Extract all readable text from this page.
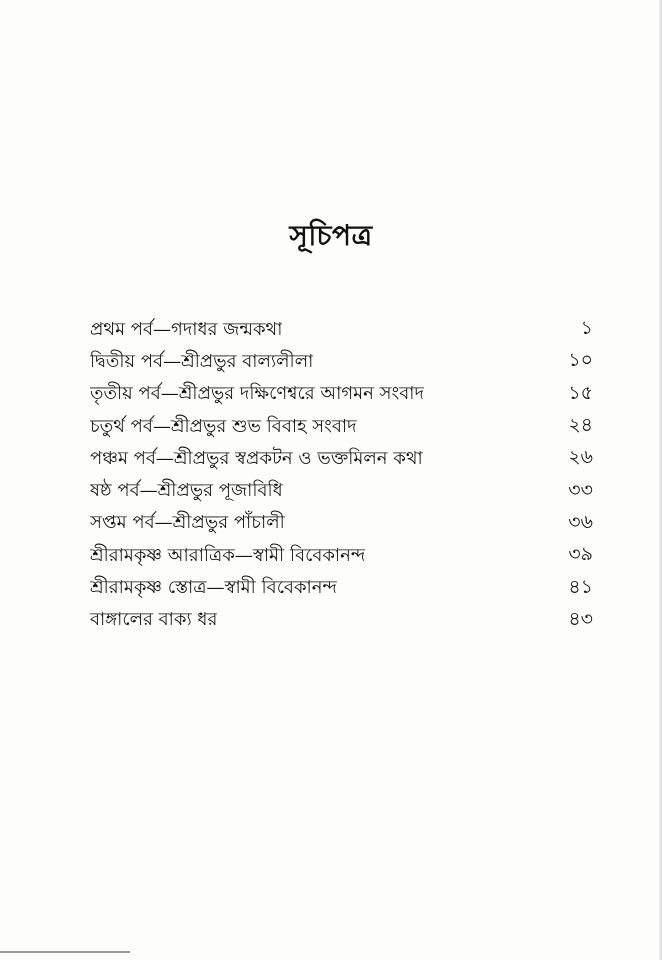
সূচিপত্র
প্রথম পর্ব—গদাধর জন্মকথা	১
দ্বিতীয় পর্ব—শ্রীপ্রভুর বাল্যলীলা	১০
তৃতীয় পর্ব—শ্রীপ্রভুর দক্ষিণেশ্বরে আগমন সংবাদ	১৫
চতুর্থ পর্ব—শ্রীপ্রভুর শুভ বিবাহ সংবাদ	২৪
পঞ্চম পর্ব—শ্রীপ্রভুর স্বপ্রকটন ও ভক্তমিলন কথা	২৬
ষষ্ঠ পর্ব—শ্রীপ্রভুর পূজাবিধি	৩৩
সপ্তম পর্ব—শ্রীপ্রভুর পাঁচালী	৩৬
শ্রীরামকৃষ্ণ আরাত্রিক—স্বামী বিবেকানন্দ	৩৯
শ্রীরামকৃষ্ণ স্তোত্র—স্বামী বিবেকানন্দ	৪১
বাঙ্গালের বাক্য ধর	৪৩
